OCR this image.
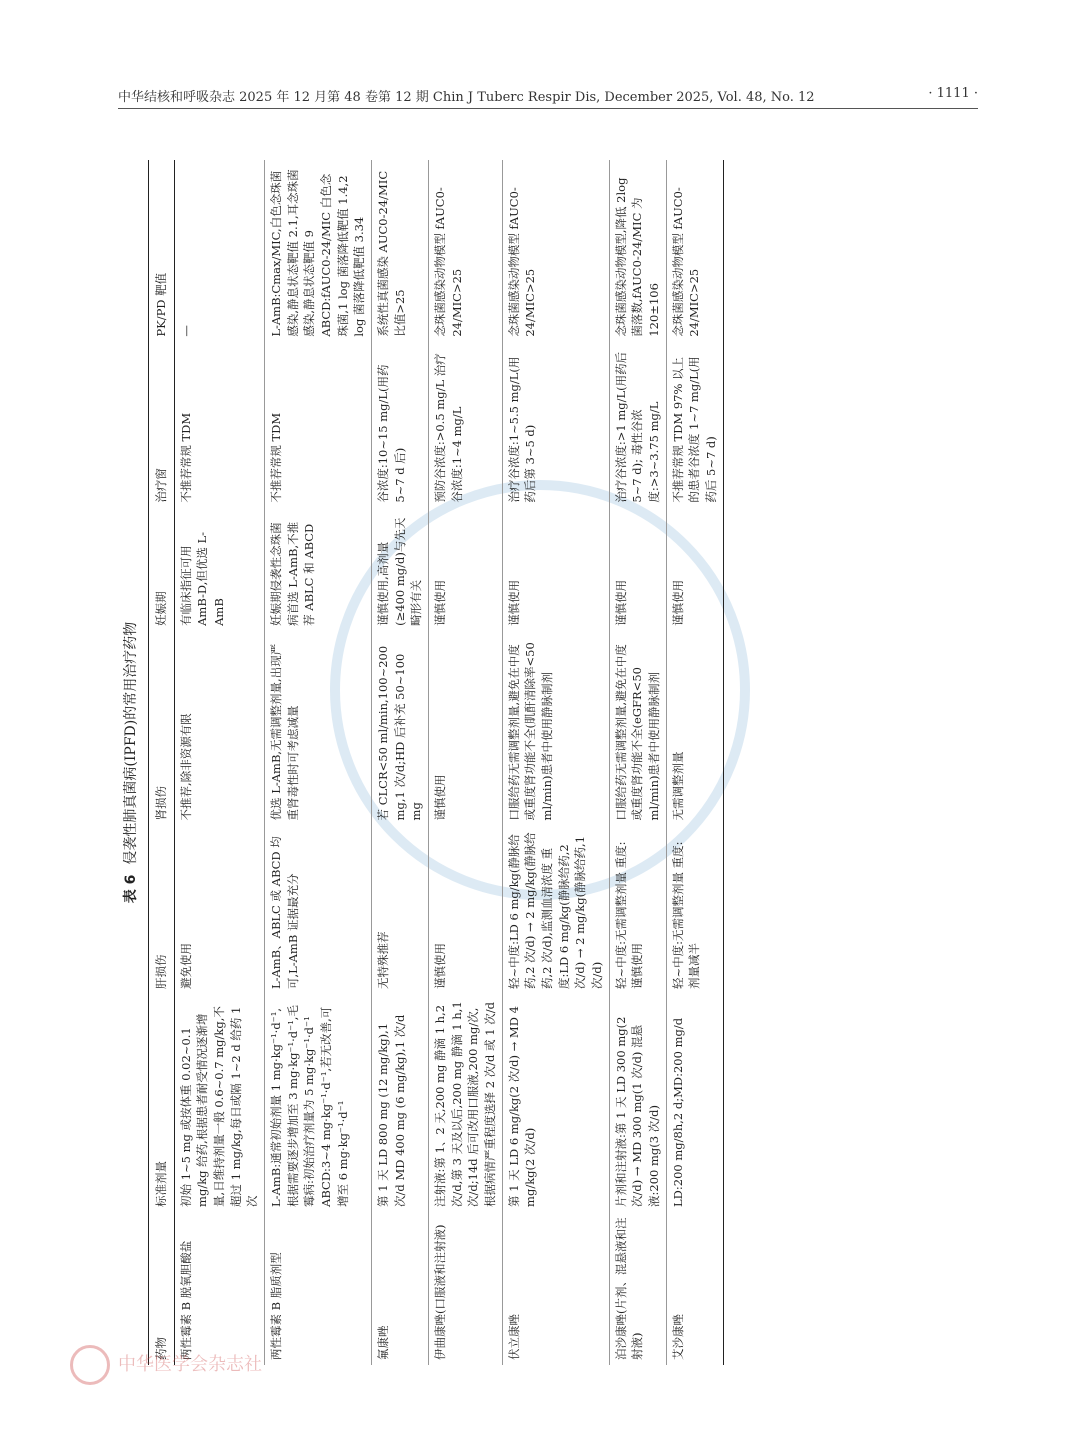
中华结核和呼吸杂志 2025 年 12 月第 48 卷第 12 期 Chin J Tuberc Respir Dis, December 2025, Vol. 48, No. 12	· 1111 ·
表 6侵袭性肺真菌病(IPFD)的常用治疗药物
药物	标准剂量	肝损伤	肾损伤	妊娠期	治疗窗	PK/PD 靶值
两性霉素 B 脱氧胆酸盐	初始 1~5 mg 或按体重 0.02~0.1 mg/kg 给药,根据患者耐受情况逐渐增量,日维持剂量一般 0.6~0.7 mg/kg,不超过 1 mg/kg,每日或隔 1~2 d 给药 1 次	避免使用	不推荐,除非资源有限	有临床指征可用 AmB-D,但优选 L-AmB	不推荐常规 TDM	—
两性霉素 B 脂质剂型	L-AmB:通常初始剂量 1 mg·kg⁻¹·d⁻¹,根据需要逐步增加至 3 mg·kg⁻¹·d⁻¹,毛霉病:初始治疗剂量为 5 mg·kg⁻¹·d⁻¹ ABCD:3~4 mg·kg⁻¹·d⁻¹,若无改善,可增至 6 mg·kg⁻¹·d⁻¹	L-AmB、ABLC 或 ABCD 均可,L-AmB 证据最充分	优选 L-AmB,无需调整剂量,出现严重肾毒性时可考虑减量	妊娠期侵袭性念珠菌病首选 L-AmB,不推荐 ABLC 和 ABCD	不推荐常规 TDM	L-AmB:Cmax/MIC,白色念珠菌感染,静息状态靶值 2.1,耳念珠菌感染,静息状态靶值 9 ABCD:fAUC0-24/MIC 白色念珠菌,1 log 菌落降低靶值 1.4,2 log 菌落降低靶值 3.34
氟康唑	第 1 天 LD 800 mg (12 mg/kg),1 次/d MD 400 mg (6 mg/kg),1 次/d	无特殊推荐	若 CLCR<50 ml/min,100~200 mg,1 次/d;HD 后补充 50~100 mg	谨慎使用,高剂量(≥400 mg/d)与先天畸形有关	谷浓度:10~15 mg/L(用药 5~7 d 后)	系统性真菌感染 AUC0-24/MIC 比值>25
伊曲康唑(口服液和注射液)	注射液:第 1、2 天,200 mg 静滴 1 h,2 次/d,第 3 天及以后,200 mg 静滴 1 h,1 次/d;14d 后可改用口服液,200 mg/次,根据病情严重程度选择 2 次/d 或 1 次/d	谨慎使用	谨慎使用	谨慎使用	预防谷浓度:>0.5 mg/L 治疗谷浓度:1~4 mg/L	念珠菌感染动物模型 fAUC0-24/MIC>25
伏立康唑	第 1 天 LD 6 mg/kg(2 次/d) → MD 4 mg/kg(2 次/d)	轻~中度:LD 6 mg/kg(静脉给药,2 次/d) → 2 mg/kg(静脉给药,2 次/d),监测血清浓度 重度:LD 6 mg/kg(静脉给药,2 次/d) → 2 mg/kg(静脉给药,1 次/d)	口服给药无需调整剂量,避免在中度或重度肾功能不全(肌酐清除率<50 ml/min)患者中使用静脉制剂	谨慎使用	治疗谷浓度:1~5.5 mg/L(用药后第 3~5 d)	念珠菌感染动物模型 fAUC0-24/MIC>25
泊沙康唑(片剂、混悬液和注射液)	片剂和注射液:第 1 天 LD 300 mg(2 次/d) → MD 300 mg(1 次/d) 混悬液:200 mg(3 次/d)	轻~中度:无需调整剂量 重度:谨慎使用	口服给药无需调整剂量,避免在中度或重度肾功能不全(eGFR<50 ml/min)患者中使用静脉制剂	谨慎使用	治疗谷浓度:>1 mg/L(用药后 5~7 d); 毒性谷浓度:>3~3.75 mg/L	念珠菌感染动物模型,降低 2log 菌落数,fAUC0-24/MIC 为 120±106
艾沙康唑	LD:200 mg/8h,2 d;MD:200 mg/d	轻~中度:无需调整剂量 重度:剂量减半	无需调整剂量	谨慎使用	不推荐常规 TDM 97% 以上的患者谷浓度 1~7 mg/L(用药后 5~7 d)	念珠菌感染动物模型 fAUC0-24/MIC>25
中华医学会杂志社
